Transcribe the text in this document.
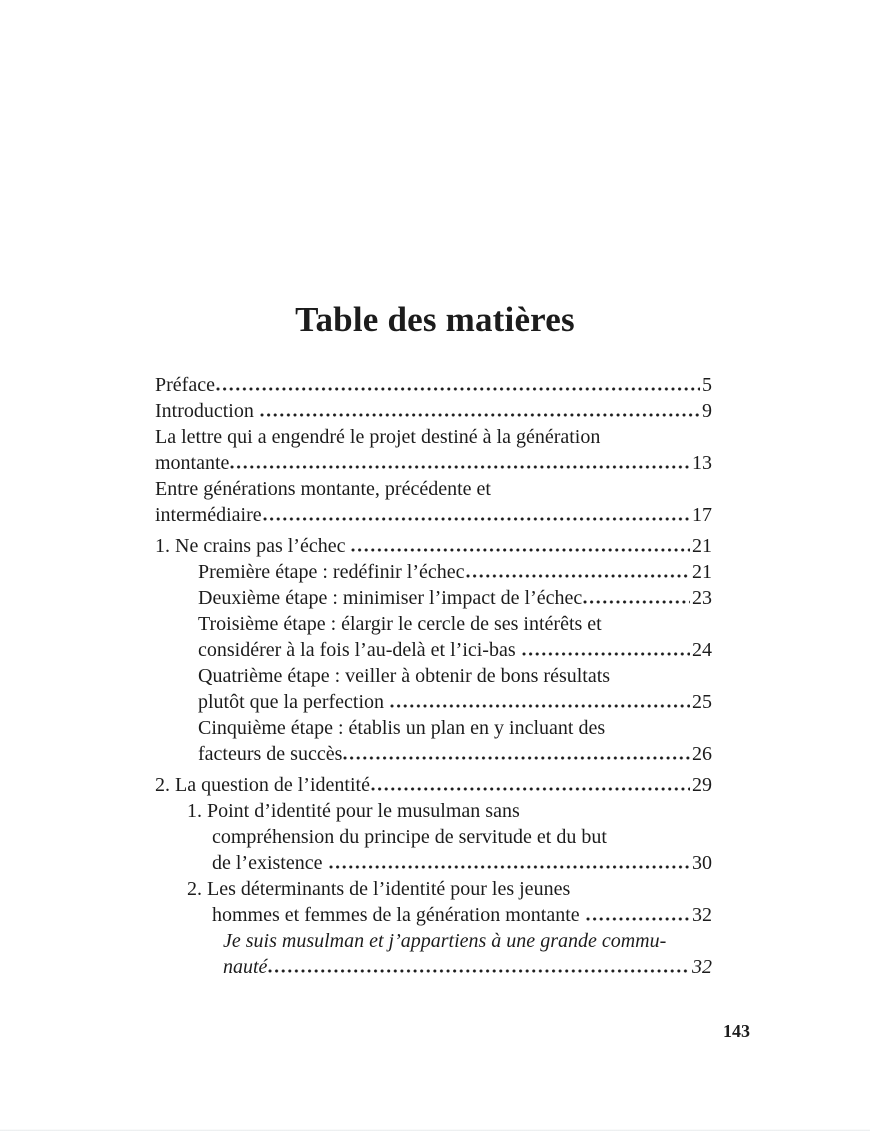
Table des matières
Préface	5
Introduction	9
La lettre qui a engendré le projet destiné à la génération
montante	13
Entre générations montante, précédente et
intermédiaire	17
1. Ne crains pas l’échec	21
Première étape : redéfinir l’échec	21
Deuxième étape : minimiser l’impact de l’échec	23
Troisième étape : élargir le cercle de ses intérêts et
considérer à la fois l’au-delà et l’ici-bas	24
Quatrième étape : veiller à obtenir de bons résultats
plutôt que la perfection	25
Cinquième étape : établis un plan en y incluant des
facteurs de succès	26
2. La question de l’identité	29
1. Point d’identité pour le musulman sans
compréhension du principe de servitude et du but
de l’existence	30
2. Les déterminants de l’identité pour les jeunes
hommes et femmes de la génération montante	32
Je suis musulman et j’appartiens à une grande commu-
nauté	32
143
